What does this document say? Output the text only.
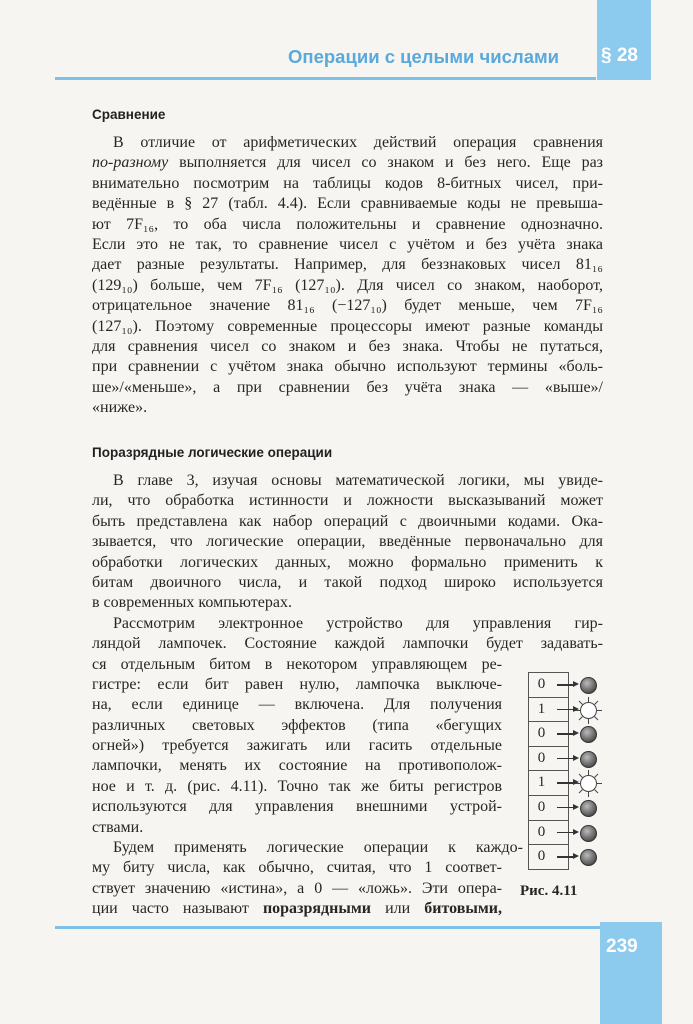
§ 28
Операции с целыми числами
Сравнение
В отличие от арифметических действий операция сравнения
по-разному выполняется для чисел со знаком и без него. Еще раз
внимательно посмотрим на таблицы кодов 8-битных чисел, при-
ведённые в § 27 (табл. 4.4). Если сравниваемые коды не превыша-
ют 7F₁₆, то оба числа положительны и сравнение однозначно.
Если это не так, то сравнение чисел с учётом и без учёта знака
дает разные результаты. Например, для беззнаковых чисел 81₁₆
(129₁₀) больше, чем 7F₁₆ (127₁₀). Для чисел со знаком, наоборот,
отрицательное значение 81₁₆ (−127₁₀) будет меньше, чем 7F₁₆
(127₁₀). Поэтому современные процессоры имеют разные команды
для сравнения чисел со знаком и без знака. Чтобы не путаться,
при сравнении с учётом знака обычно используют термины «боль-
ше»/«меньше», а при сравнении без учёта знака — «выше»/
«ниже».
Поразрядные логические операции
В главе 3, изучая основы математической логики, мы увиде-
ли, что обработка истинности и ложности высказываний может
быть представлена как набор операций с двоичными кодами. Ока-
зывается, что логические операции, введённые первоначально для
обработки логических данных, можно формально применить к
битам двоичного числа, и такой подход широко используется
в современных компьютерах.
Рассмотрим электронное устройство для управления гир-
ляндой лампочек. Состояние каждой лампочки будет задавать-
ся отдельным битом в некотором управляющем ре-
гистре: если бит равен нулю, лампочка выключе-
на, если единице — включена. Для получения
различных световых эффектов (типа «бегущих
огней») требуется зажигать или гасить отдельные
лампочки, менять их состояние на противополож-
ное и т. д. (рис. 4.11). Точно так же биты регистров
используются для управления внешними устрой-
ствами.
Будем применять логические операции к каждо-
му биту числа, как обычно, считая, что 1 соответ-
ствует значению «истина», а 0 — «ложь». Эти опера-
ции часто называют поразрядными или битовыми,
0
1
0
0
1
0
0
0
Рис. 4.11
239
